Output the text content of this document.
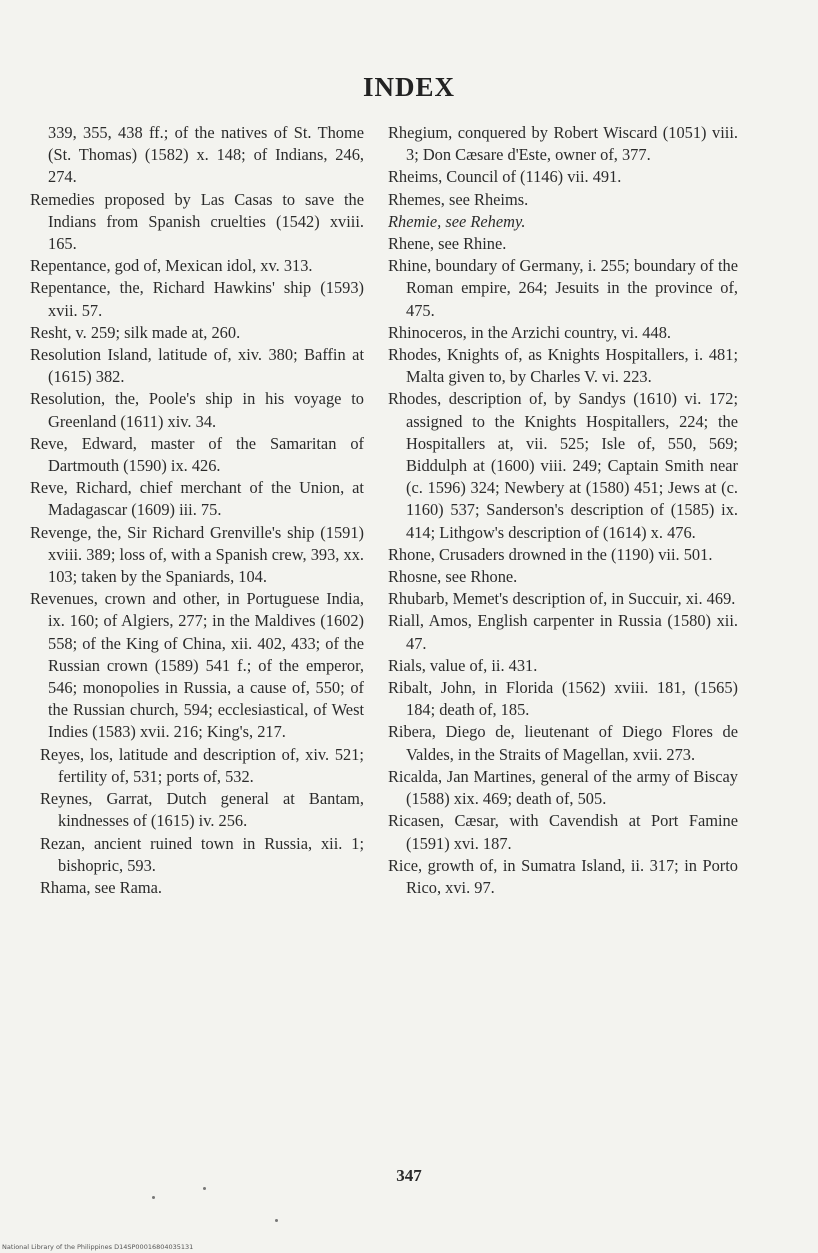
INDEX

339, 355, 438 ff.; of the natives of St. Thome (St. Thomas) (1582) x. 148; of Indians, 246, 274.

Remedies proposed by Las Casas to save the Indians from Spanish cruelties (1542) xviii. 165.

Repentance, god of, Mexican idol, xv. 313.

Repentance, the, Richard Hawkins' ship (1593) xvii. 57.

Resht, v. 259; silk made at, 260.

Resolution Island, latitude of, xiv. 380; Baffin at (1615) 382.

Resolution, the, Poole's ship in his voyage to Greenland (1611) xiv. 34.

Reve, Edward, master of the Samaritan of Dartmouth (1590) ix. 426.

Reve, Richard, chief merchant of the Union, at Madagascar (1609) iii. 75.

Revenge, the, Sir Richard Grenville's ship (1591) xviii. 389; loss of, with a Spanish crew, 393, xx. 103; taken by the Spaniards, 104.

Revenues, crown and other, in Portuguese India, ix. 160; of Algiers, 277; in the Maldives (1602) 558; of the King of China, xii. 402, 433; of the Russian crown (1589) 541 f.; of the emperor, 546; monopolies in Russia, a cause of, 550; of the Russian church, 594; ecclesiastical, of West Indies (1583) xvii. 216; King's, 217.

Reyes, los, latitude and description of, xiv. 521; fertility of, 531; ports of, 532.

Reynes, Garrat, Dutch general at Bantam, kindnesses of (1615) iv. 256.

Rezan, ancient ruined town in Russia, xii. 1; bishopric, 593.

Rhama, see Rama.

Rhegium, conquered by Robert Wiscard (1051) viii. 3; Don Cæsare d'Este, owner of, 377.

Rheims, Council of (1146) vii. 491.

Rhemes, see Rheims.

Rhemie, see Rehemy.

Rhene, see Rhine.

Rhine, boundary of Germany, i. 255; boundary of the Roman empire, 264; Jesuits in the province of, 475.

Rhinoceros, in the Arzichi country, vi. 448.

Rhodes, Knights of, as Knights Hospitallers, i. 481; Malta given to, by Charles V. vi. 223.

Rhodes, description of, by Sandys (1610) vi. 172; assigned to the Knights Hospitallers, 224; the Hospitallers at, vii. 525; Isle of, 550, 569; Biddulph at (1600) viii. 249; Captain Smith near (c. 1596) 324; Newbery at (1580) 451; Jews at (c. 1160) 537; Sanderson's description of (1585) ix. 414; Lithgow's description of (1614) x. 476.

Rhone, Crusaders drowned in the (1190) vii. 501.

Rhosne, see Rhone.

Rhubarb, Memet's description of, in Succuir, xi. 469.

Riall, Amos, English carpenter in Russia (1580) xii. 47.

Rials, value of, ii. 431.

Ribalt, John, in Florida (1562) xviii. 181, (1565) 184; death of, 185.

Ribera, Diego de, lieutenant of Diego Flores de Valdes, in the Straits of Magellan, xvii. 273.

Ricalda, Jan Martines, general of the army of Biscay (1588) xix. 469; death of, 505.

Ricasen, Cæsar, with Cavendish at Port Famine (1591) xvi. 187.

Rice, growth of, in Sumatra Island, ii. 317; in Porto Rico, xvi. 97.

347
National Library of the Philippines D14SP00016804035131
